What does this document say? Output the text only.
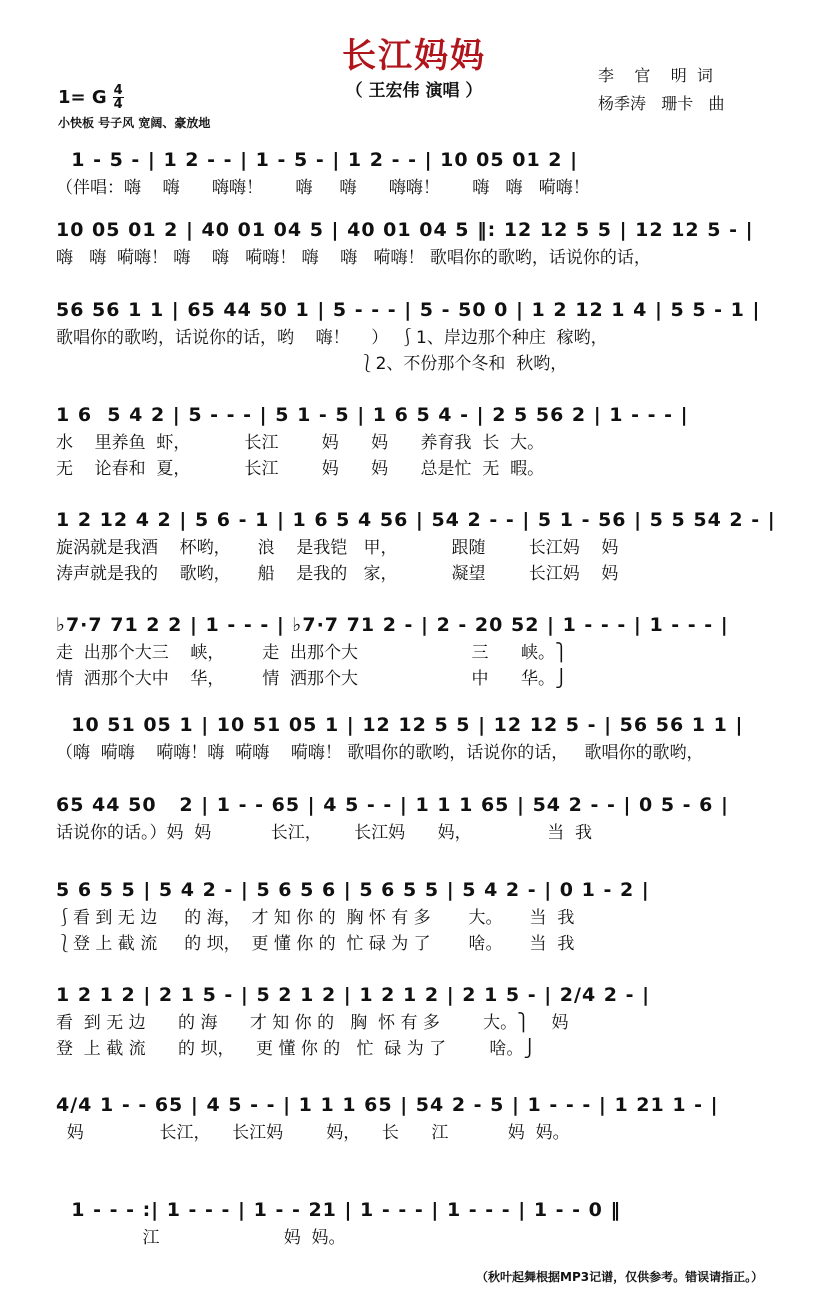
长江妈妈
（ 王宏伟 演唱 ）
李    官    明  词
杨季涛   珊卡   曲
1= G $\frac{4}{4}$
小快板 号子风 宽阔、豪放地
1 - 5 - | 1 2 - - | 1 - 5 - | 1 2 - - | 10 05 01 2 |
（伴唱：嗨    嗨      嗨嗨！      嗨     嗨      嗨嗨！      嗨   嗨   嗬嗨！
10 05 01 2 | 40 01 04 5 | 40 01 04 5 ‖: 12 12 5 5 | 12 12 5 - |
嗨   嗨  嗬嗨！ 嗨    嗨   嗬嗨！ 嗨    嗨   嗬嗨！ 歌唱你的歌哟，话说你的话，
56 56 1 1 | 65 44 50 1 | 5 - - - | 5 - 50 0 | 1 2 12 1 4 | 5 5 - 1 |
歌唱你的歌哟，话说你的话，哟    嗨！    ）  ⎰1、岸边那个种庄  稼哟，
⎱2、不份那个冬和  秋哟，
1 6  5 4 2 | 5 - - - | 5 1 - 5 | 1 6 5 4 - | 2 5 56 2 | 1 - - - |
水    里养鱼  虾，          长江        妈      妈      养育我  长  大。
无    论春和  夏，          长江        妈      妈      总是忙  无  暇。
1 2 12 4 2 | 5 6 - 1 | 1 6 5 4 56 | 54 2 - - | 5 1 - 56 | 5 5 54 2 - |
旋涡就是我酒    杯哟，     浪    是我铠   甲，          跟随        长江妈    妈
涛声就是我的    歌哟，     船    是我的   家，          凝望        长江妈    妈
♭7·7 71 2 2 | 1 - - - | ♭7·7 71 2 - | 2 - 20 52 | 1 - - - | 1 - - - |
走  出那个大三    峡，       走  出那个大                     三      峡。⎫
情  洒那个大中    华，       情  洒那个大                     中      华。⎭
10 51 05 1 | 10 51 05 1 | 12 12 5 5 | 12 12 5 - | 56 56 1 1 |
（嗨  嗬嗨    嗬嗨！嗨  嗬嗨    嗬嗨！ 歌唱你的歌哟，话说你的话，   歌唱你的歌哟，
65 44 50   2 | 1 - - 65 | 4 5 - - | 1 1 1 65 | 54 2 - - | 0 5 - 6 |
话说你的话。）妈  妈           长江，      长江妈      妈，              当  我
5 6 5 5 | 5 4 2 - | 5 6 5 6 | 5 6 5 5 | 5 4 2 - | 0 1 - 2 |
⎰看 到 无 边     的 海，  才 知 你 的  胸 怀 有 多       大。     当  我
⎱登 上 截 流     的 坝，  更 懂 你 的  忙 碌 为 了       啥。     当  我
1 2 1 2 | 2 1 5 - | 5 2 1 2 | 1 2 1 2 | 2 1 5 - | 2/4 2 - |
看  到 无 边      的 海      才 知 你 的   胸  怀 有 多        大。⎫    妈
登  上 截 流      的 坝，    更 懂 你 的   忙  碌 为 了        啥。⎭
4/4 1 - - 65 | 4 5 - - | 1 1 1 65 | 54 2 - 5 | 1 - - - | 1 21 1 - |
妈              长江，    长江妈        妈，    长      江           妈  妈。
1 - - - :| 1 - - - | 1 - - 21 | 1 - - - | 1 - - - | 1 - - 0 ‖
江                       妈  妈。
（秋叶起舞根据MP3记谱，仅供参考。错误请指正。）
